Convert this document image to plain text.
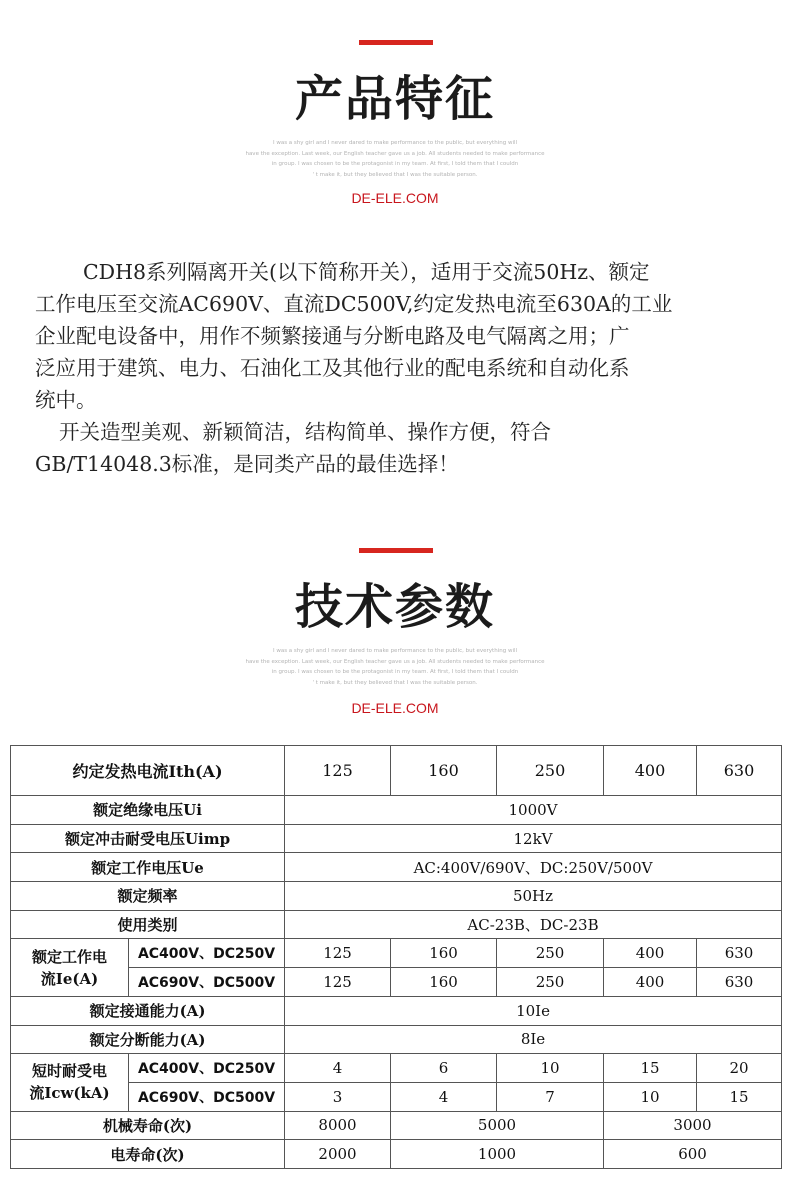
产品特征
I was a shy girl and I never dared to make performance to the public, but everything will
have the exception. Last week, our English teacher gave us a job. All students needed to make performance
in group. I was chosen to be the protagonist in my team. At first, I told them that I couldn
' t make it, but they believed that I was the suitable person.
DE-ELE.COM

CDH8系列隔离开关(以下简称开关），适用于交流50Hz、额定
工作电压至交流AC690V、直流DC500V,约定发热电流至630A的工业
企业配电设备中，用作不频繁接通与分断电路及电气隔离之用；广
泛应用于建筑、电力、石油化工及其他行业的配电系统和自动化系
统中。

开关造型美观、新颖简洁，结构简单、操作方便，符合
GB/T14048.3标准，是同类产品的最佳选择！

技术参数
I was a shy girl and I never dared to make performance to the public, but everything will
have the exception. Last week, our English teacher gave us a job. All students needed to make performance
in group. I was chosen to be the protagonist in my team. At first, I told them that I couldn
' t make it, but they believed that I was the suitable person.
DE-ELE.COM
约定发热电流Ith(A)		125	160	250	400	630
额定绝缘电压Ui		1000V				
额定冲击耐受电压Uimp		12kV				
额定工作电压Ue		AC:400V/690V、DC:250V/500V				
额定频率		50Hz				
使用类别		AC-23B、DC-23B				
额定工作电
流Ie(A)	AC400V、DC250V	125	160	250	400	630
	AC690V、DC500V	125	160	250	400	630
额定接通能力(A)		10Ie				
额定分断能力(A)		8Ie				
短时耐受电
流Icw(kA)	AC400V、DC250V	4	6	10	15	20
	AC690V、DC500V	3	4	7	10	15
机械寿命(次)		8000	5000		3000	
电寿命(次)		2000	1000		600	
